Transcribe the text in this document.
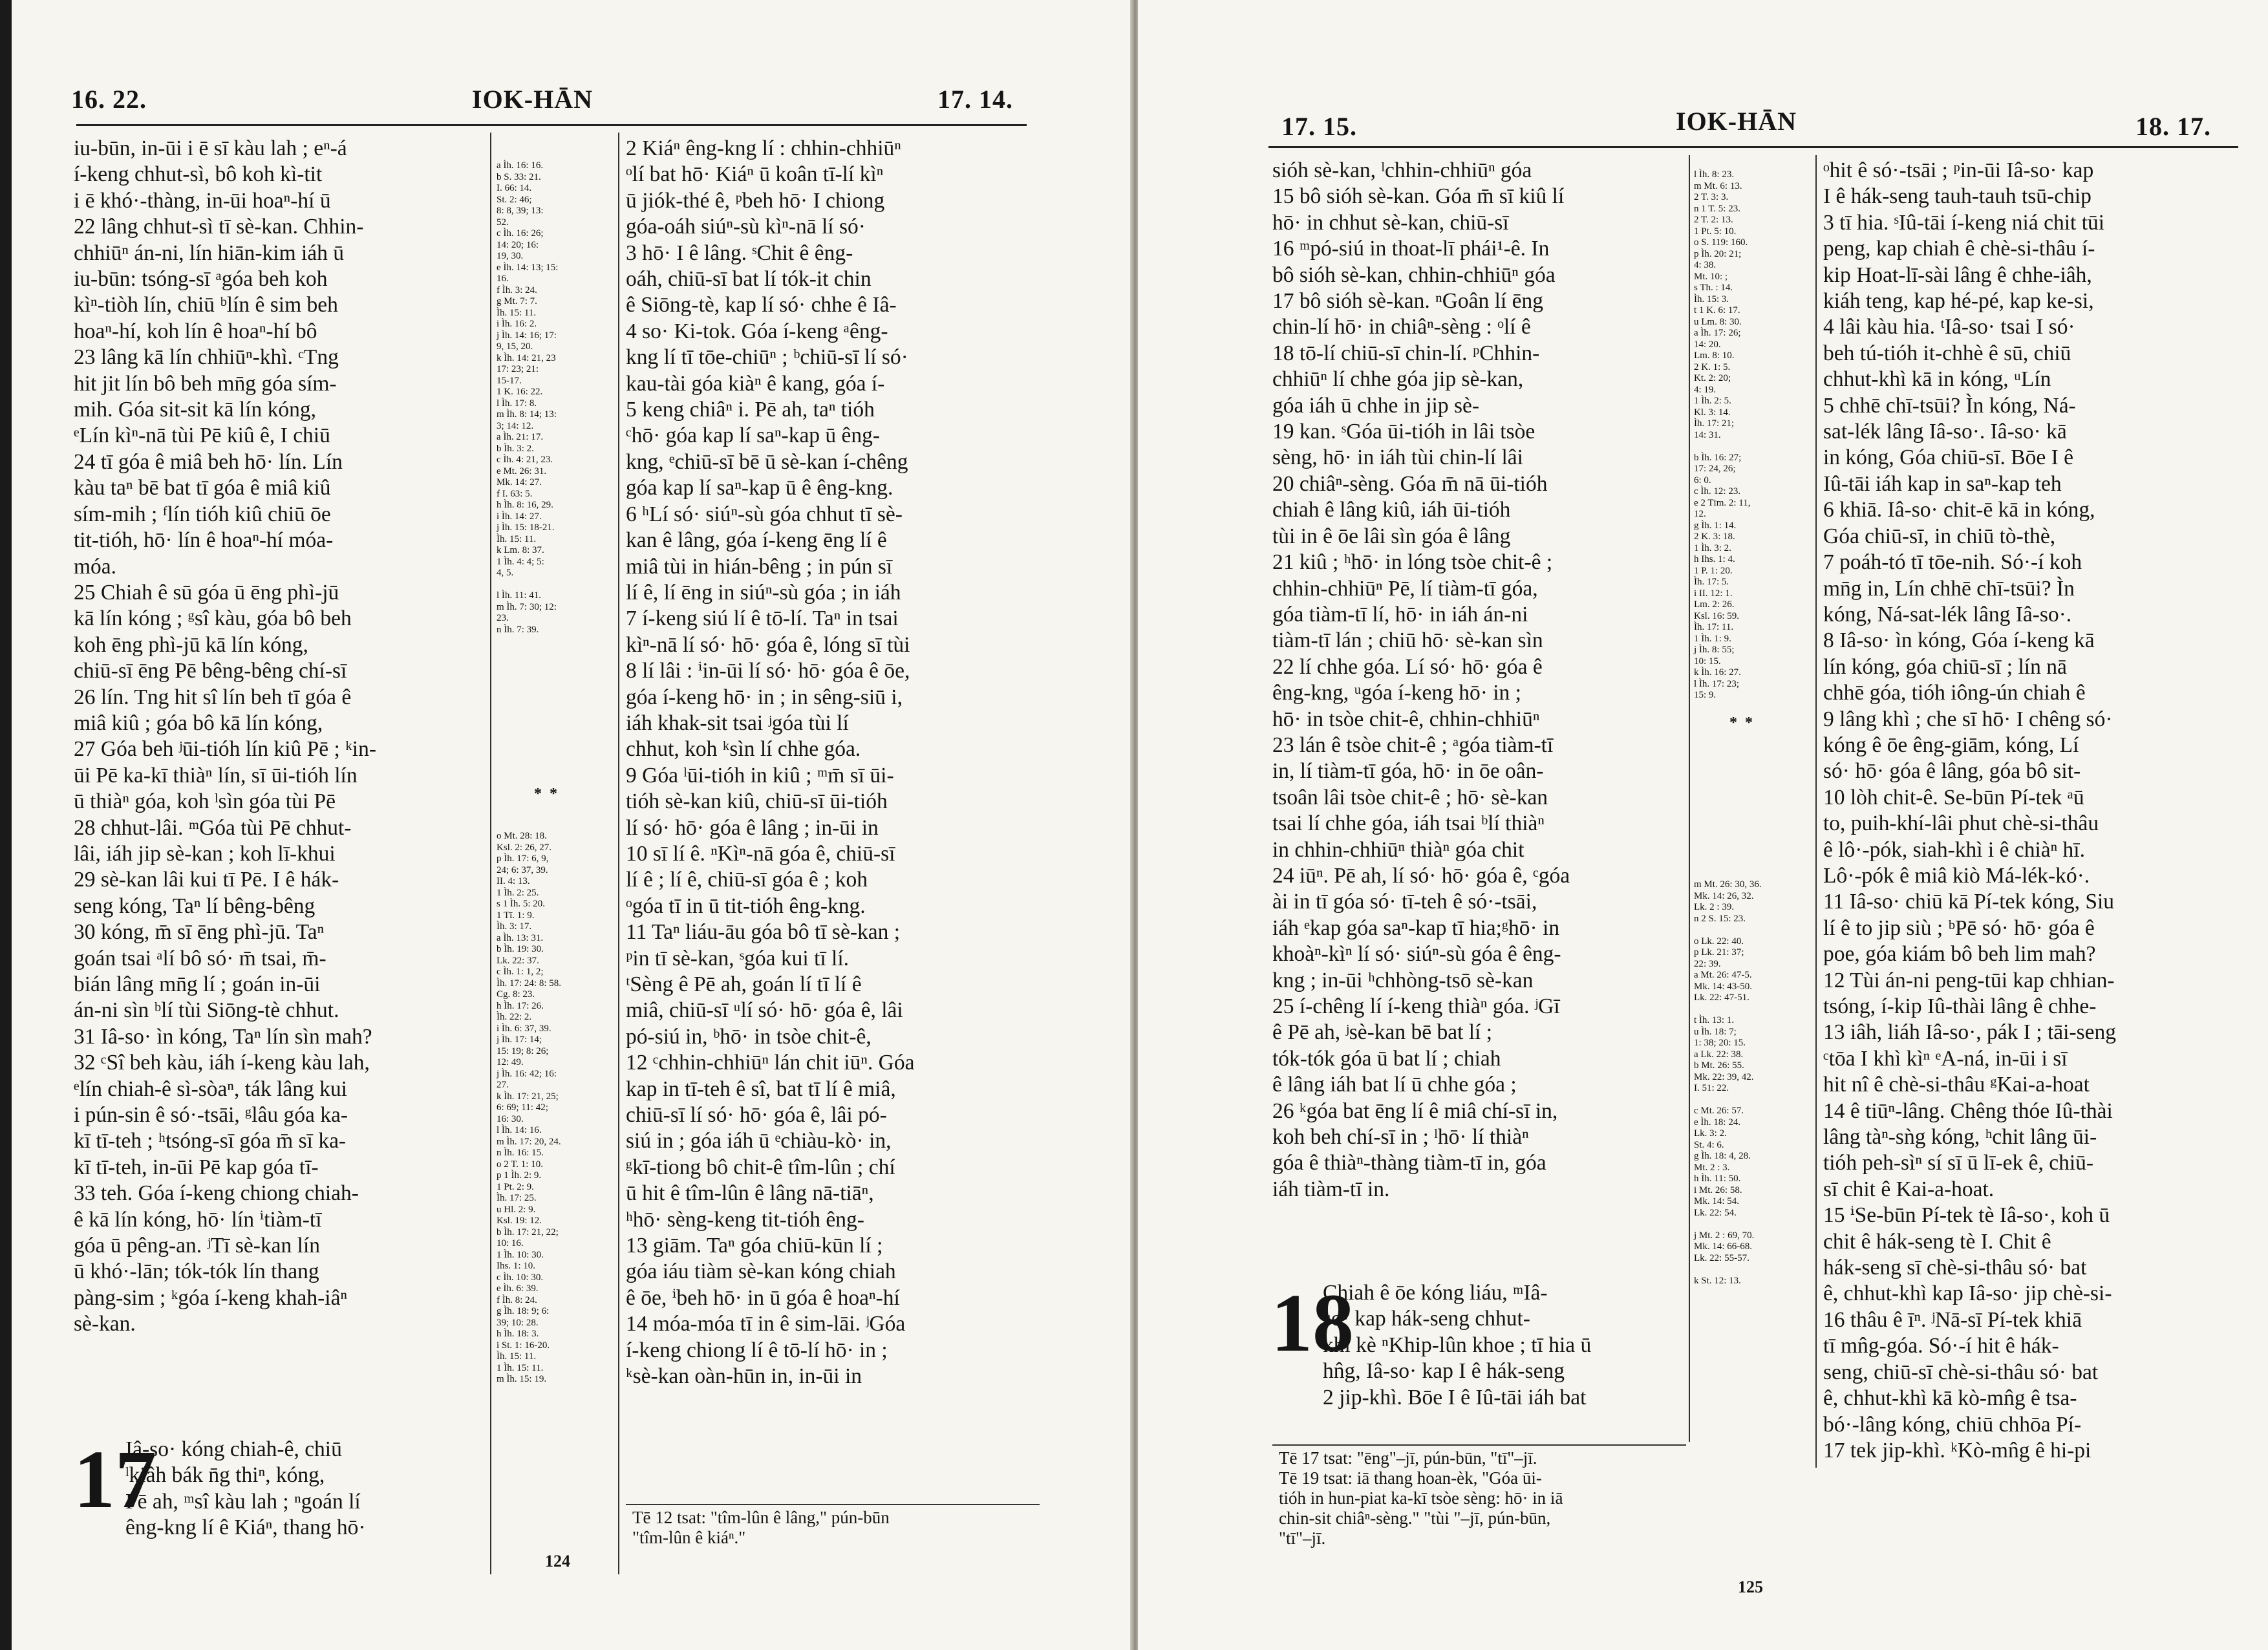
16. 22.	IOK-HĀN	17. 14.

iu-būn, in-ūi i ē sī kàu lah ; eⁿ-á

í-keng chhut-sì, bô koh kì-tit

i ē khó·-thàng, in-ūi hoaⁿ-hí ū

22 lâng chhut-sì tī sè-kan. Chhin-

chhiūⁿ án-ni, lín hiān-kim iáh ū

iu-būn: tsóng-sī ᵃgóa beh koh

kìⁿ-tiòh lín, chiū ᵇlín ê sim beh

hoaⁿ-hí, koh lín ê hoaⁿ-hí bô

23 lâng kā lín chhiūⁿ-khì. ᶜTng

hit jit lín bô beh mn̄g góa sím-

mih. Góa sit-sit kā lín kóng,

ᵉLín kìⁿ-nā tùi Pē kiû ê, I chiū

24 tī góa ê miâ beh hō· lín. Lín

kàu taⁿ bē bat tī góa ê miâ kiû

sím-mih ; ᶠlín tióh kiû chiū ōe

tit-tióh, hō· lín ê hoaⁿ-hí móa-

móa.

25 Chiah ê sū góa ū ēng phì-jū

kā lín kóng ; ᵍsî kàu, góa bô beh

koh ēng phì-jū kā lín kóng,

chiū-sī ēng Pē bêng-bêng chí-sī

26 lín. Tng hit sî lín beh tī góa ê

miâ kiû ; góa bô kā lín kóng,

27 Góa beh ʲūi-tióh lín kiû Pē ; ᵏin-

ūi Pē ka-kī thiàⁿ lín, sī ūi-tióh lín

ū thiàⁿ góa, koh ˡsìn góa tùi Pē

28 chhut-lâi. ᵐGóa tùi Pē chhut-

lâi, iáh jip sè-kan ; koh lī-khui

29 sè-kan lâi kui tī Pē. I ê hák-

seng kóng, Taⁿ lí bêng-bêng

30 kóng, m̄ sī ēng phì-jū. Taⁿ

goán tsai ᵃlí bô só· m̄ tsai, m̄-

bián lâng mn̄g lí ; goán in-ūi

án-ni sìn ᵇlí tùi Siōng-tè chhut.

31 Iâ-so· ìn kóng, Taⁿ lín sìn mah?

32 ᶜSî beh kàu, iáh í-keng kàu lah,

ᵉlín chiah-ê sì-sòaⁿ, ták lâng kui

i pún-sin ê só·-tsāi, ᵍlâu góa ka-

kī tī-teh ; ʰtsóng-sī góa m̄ sī ka-

kī tī-teh, in-ūi Pē kap góa tī-

33 teh. Góa í-keng chiong chiah-

ê kā lín kóng, hō· lín ⁱtiàm-tī

góa ū pêng-an. ʲTī sè-kan lín

ū khó·-lān; tók-tók lín thang

pàng-sim ; ᵏgóa í-keng khah-iâⁿ

sè-kan.

a Ìh. 16: 16.

b S. 33: 21.

I. 66: 14.

St. 2: 46;

8: 8, 39; 13:

52.

c Ìh. 16: 26;

14: 20; 16:

19, 30.

e Ìh. 14: 13; 15:

16.

f Ìh. 3: 24.

g Mt. 7: 7.

Ìh. 15: 11.

i Ìh. 16: 2.

j Ìh. 14: 16; 17:

9, 15, 20.

k Ìh. 14: 21, 23

17: 23; 21:

15-17.

1 K. 16: 22.

l Ìh. 17: 8.

m Ìh. 8: 14; 13:

3; 14: 12.

a Ìh. 21: 17.

b Ìh. 3: 2.

c Ìh. 4: 21, 23.

e Mt. 26: 31.

Mk. 14: 27.

f I. 63: 5.

h Ìh. 8: 16, 29.

i Ìh. 14: 27.

j Ìh. 15: 18-21.

Ìh. 15: 11.

k Lm. 8: 37.

1 Ìh. 4: 4; 5:

4, 5.

l Ìh. 11: 41.

m Ìh. 7: 30; 12:

23.

n Ìh. 7: 39.

*  *

o Mt. 28: 18.

Ksl. 2: 26, 27.

p Ìh. 17: 6, 9,

24; 6: 37, 39.

II. 4: 13.

1 Ìh. 2: 25.

s 1 Ìh. 5: 20.

1 Tī. 1: 9.

Ìh. 3: 17.

a Ìh. 13: 31.

b Ìh. 19: 30.

Lk. 22: 37.

c Ìh. 1: 1, 2;

Ìh. 17: 24: 8: 58.

Cg. 8: 23.

h Ìh. 17: 26.

Ìh. 22: 2.

i Ìh. 6: 37, 39.

j Ìh. 17: 14;

15: 19; 8: 26;

12: 49.

j Ìh. 16: 42; 16:

27.

k Ìh. 17: 21, 25;

6: 69; 11: 42;

16: 30.

l Ìh. 14: 16.

m Ìh. 17: 20, 24.

n Ìh. 16: 15.

o 2 T. 1: 10.

p 1 Ìh. 2: 9.

1 Pt. 2: 9.

Ìh. 17: 25.

u Hl. 2: 9.

Ksl. 19: 12.

b Ìh. 17: 21, 22;

10: 16.

1 Ìh. 10: 30.

Ihs. 1: 10.

c Ìh. 10: 30.

e Ìh. 6: 39.

f Ìh. 8: 24.

g Ìh. 18: 9; 6:

39; 10: 28.

h Ìh. 18: 3.

i St. 1: 16-20.

Ìh. 15: 11.

1 Ìh. 15: 11.

m Ìh. 15: 19.

2 Kiáⁿ êng-kng lí : chhin-chhiūⁿ

ᵒlí bat hō· Kiáⁿ ū koân tī-lí kìⁿ

ū jiók-thé ê, ᵖbeh hō· I chiong

góa-oáh siúⁿ-sù kìⁿ-nā lí só·

3 hō· I ê lâng. ˢChit ê êng-

oáh, chiū-sī bat lí tók-it chin

ê Siōng-tè, kap lí só· chhe ê Iâ-

4 so· Ki-tok. Góa í-keng ᵃêng-

kng lí tī tōe-chiūⁿ ; ᵇchiū-sī lí só·

kau-tài góa kiàⁿ ê kang, góa í-

5 keng chiâⁿ i. Pē ah, taⁿ tióh

ᶜhō· góa kap lí saⁿ-kap ū êng-

kng, ᵉchiū-sī bē ū sè-kan í-chêng

góa kap lí saⁿ-kap ū ê êng-kng.

6 ʰLí só· siúⁿ-sù góa chhut tī sè-

kan ê lâng, góa í-keng ēng lí ê

miâ tùi in hián-bêng ; in pún sī

lí ê, lí ēng in siúⁿ-sù góa ; in iáh

7 í-keng siú lí ê tō-lí. Taⁿ in tsai

kìⁿ-nā lí só· hō· góa ê, lóng sī tùi

8 lí lâi : ⁱin-ūi lí só· hō· góa ê ōe,

góa í-keng hō· in ; in sêng-siū i,

iáh khak-sit tsai ʲgóa tùi lí

chhut, koh ᵏsìn lí chhe góa.

9 Góa ˡūi-tióh in kiû ; ᵐm̄ sī ūi-

tióh sè-kan kiû, chiū-sī ūi-tióh

lí só· hō· góa ê lâng ; in-ūi in

10 sī lí ê. ⁿKìⁿ-nā góa ê, chiū-sī

lí ê ; lí ê, chiū-sī góa ê ; koh

ᵒgóa tī in ū tit-tióh êng-kng.

11 Taⁿ liáu-āu góa bô tī sè-kan ;

ᵖin tī sè-kan, ˢgóa kui tī lí.

ᵗSèng ê Pē ah, goán lí tī lí ê

miâ, chiū-sī ᵘlí só· hō· góa ê, lâi

pó-siú in, ᵇhō· in tsòe chit-ê,

12 ᶜchhin-chhiūⁿ lán chit iūⁿ. Góa

kap in tī-teh ê sî, bat tī lí ê miâ,

chiū-sī lí só· hō· góa ê, lâi pó-

siú in ; góa iáh ū ᵉchiàu-kò· in,

ᵍkī-tiong bô chit-ê tîm-lûn ; chí

ū hit ê tîm-lûn ê lâng nā-tiāⁿ,

ʰhō· sèng-keng tit-tióh êng-

13 giām. Taⁿ góa chiū-kūn lí ;

góa iáu tiàm sè-kan kóng chiah

ê ōe, ⁱbeh hō· in ū góa ê hoaⁿ-hí

14 móa-móa tī in ê sim-lāi. ʲGóa

í-keng chiong lí ê tō-lí hō· in ;

ᵏsè-kan oàn-hūn in, in-ūi in

17

Iâ-so· kóng chiah-ê, chiū

ˡkiâh bák n̄g thiⁿ, kóng,

Pē ah, ᵐsî kàu lah ; ⁿgoán lí

êng-kng lí ê Kiáⁿ, thang hō·	Tē 12 tsat: "tîm-lûn ê lâng," pún-būn

"tîm-lûn ê kiáⁿ."

124
17. 15.	IOK-HĀN	18. 17.

sióh sè-kan, ˡchhin-chhiūⁿ góa

15 bô sióh sè-kan. Góa m̄ sī kiû lí

hō· in chhut sè-kan, chiū-sī

16 ᵐpó-siú in thoat-lī phái¹-ê. In

bô sióh sè-kan, chhin-chhiūⁿ góa

17 bô sióh sè-kan. ⁿGoân lí ēng

chin-lí hō· in chiâⁿ-sèng : ᵒlí ê

18 tō-lí chiū-sī chin-lí. ᵖChhin-

chhiūⁿ lí chhe góa jip sè-kan,

góa iáh ū chhe in jip sè-

19 kan. ˢGóa ūi-tióh in lâi tsòe

sèng, hō· in iáh tùi chin-lí lâi

20 chiâⁿ-sèng. Góa m̄ nā ūi-tióh

chiah ê lâng kiû, iáh ūi-tióh

tùi in ê ōe lâi sìn góa ê lâng

21 kiû ; ʰhō· in lóng tsòe chit-ê ;

chhin-chhiūⁿ Pē, lí tiàm-tī góa,

góa tiàm-tī lí, hō· in iáh án-ni

tiàm-tī lán ; chiū hō· sè-kan sìn

22 lí chhe góa. Lí só· hō· góa ê

êng-kng, ᵘgóa í-keng hō· in ;

hō· in tsòe chit-ê, chhin-chhiūⁿ

23 lán ê tsòe chit-ê ; ᵃgóa tiàm-tī

in, lí tiàm-tī góa, hō· in ōe oân-

tsoân lâi tsòe chit-ê ; hō· sè-kan

tsai lí chhe góa, iáh tsai ᵇlí thiàⁿ

in chhin-chhiūⁿ thiàⁿ góa chit

24 iūⁿ. Pē ah, lí só· hō· góa ê, ᶜgóa

ài in tī góa só· tī-teh ê só·-tsāi,

iáh ᵉkap góa saⁿ-kap tī hia;ᵍhō· in

khoàⁿ-kìⁿ lí só· siúⁿ-sù góa ê êng-

kng ; in-ūi ʰchhòng-tsō sè-kan

25 í-chêng lí í-keng thiàⁿ góa. ʲGī

ê Pē ah, ʲsè-kan bē bat lí ;

tók-tók góa ū bat lí ; chiah

ê lâng iáh bat lí ū chhe góa ;

26 ᵏgóa bat ēng lí ê miâ chí-sī in,

koh beh chí-sī in ; ˡhō· lí thiàⁿ

góa ê thiàⁿ-thàng tiàm-tī in, góa

iáh tiàm-tī in.

l Ìh. 8: 23.

m Mt. 6: 13.

2 T. 3: 3.

n 1 T. 5: 23.

2 T. 2: 13.

1 Pt. 5: 10.

o S. 119: 160.

p Ìh. 20: 21;

4: 38.

Mt. 10: ;

s Th. : 14.

Ìh. 15: 3.

t 1 K. 6: 17.

u Lm. 8: 30.

a Ìh. 17: 26;

14: 20.

Lm. 8: 10.

2 K. 1: 5.

Kt. 2: 20;

4: 19.

1 Ìh. 2: 5.

Kl. 3: 14.

Ìh. 17: 21;

14: 31.

b Ìh. 16: 27;

17: 24, 26;

6: 0.

c Ìh. 12: 23.

e 2 Tīm. 2: 11,

12.

g Ìh. 1: 14.

2 K. 3: 18.

1 Ìh. 3: 2.

h Ihs. 1: 4.

1 P. 1: 20.

Ìh. 17: 5.

i II. 12: 1.

Lm. 2: 26.

Ksl. 16: 59.

Ìh. 17: 11.

1 Ìh. 1: 9.

j Ìh. 8: 55;

10: 15.

k Ìh. 16: 27.

l Ìh. 17: 23;

15: 9.

*  *

m Mt. 26: 30, 36.

Mk. 14: 26, 32.

Lk. 2 : 39.

n 2 S. 15: 23.

o Lk. 22: 40.

p Lk. 21: 37;

22: 39.

a Mt. 26: 47-5.

Mk. 14: 43-50.

Lk. 22: 47-51.

t Ìh. 13: 1.

u Ìh. 18: 7;

1: 38; 20: 15.

a Lk. 22: 38.

b Mt. 26: 55.

Mk. 22: 39, 42.

I. 51: 22.

c Mt. 26: 57.

e Ìh. 18: 24.

Lk. 3: 2.

St. 4: 6.

g Ìh. 18: 4, 28.

Mt. 2 : 3.

h Ìh. 11: 50.

i Mt. 26: 58.

Mk. 14: 54.

Lk. 22: 54.

j Mt. 2 : 69, 70.

Mk. 14: 66-68.

Lk. 22: 55-57.

k St. 12: 13.

ᵒhit ê só·-tsāi ; ᵖin-ūi Iâ-so· kap

I ê hák-seng tauh-tauh tsū-chip

3 tī hia. ˢIû-tāi í-keng niá chit tūi

peng, kap chiah ê chè-si-thâu í-

kip Hoat-lī-sài lâng ê chhe-iâh,

kiáh teng, kap hé-pé, kap ke-si,

4 lâi kàu hia. ᵗIâ-so· tsai I só·

beh tú-tióh it-chhè ê sū, chiū

chhut-khì kā in kóng, ᵘLín

5 chhē chī-tsūi? Ìn kóng, Ná-

sat-lék lâng Iâ-so·. Iâ-so· kā

in kóng, Góa chiū-sī. Bōe I ê

Iû-tāi iáh kap in saⁿ-kap teh

6 khiā. Iâ-so· chit-ē kā in kóng,

Góa chiū-sī, in chiū tò-thè,

7 poáh-tó tī tōe-nih. Só·-í koh

mn̄g in, Lín chhē chī-tsūi? Ìn

kóng, Ná-sat-lék lâng Iâ-so·.

8 Iâ-so· ìn kóng, Góa í-keng kā

lín kóng, góa chiū-sī ; lín nā

chhē góa, tióh iông-ún chiah ê

9 lâng khì ; che sī hō· I chêng só·

kóng ê ōe êng-giām, kóng, Lí

só· hō· góa ê lâng, góa bô sit-

10 lòh chit-ê. Se-būn Pí-tek ᵃū

to, puih-khí-lâi phut chè-si-thâu

ê lô·-pók, siah-khì i ê chiàⁿ hī.

Lô·-pók ê miâ kiò Má-lék-kó·.

11 Iâ-so· chiū kā Pí-tek kóng, Siu

lí ê to jip siù ; ᵇPē só· hō· góa ê

poe, góa kiám bô beh lim mah?

12 Tùi án-ni peng-tūi kap chhian-

tsóng, í-kip Iû-thài lâng ê chhe-

13 iâh, liáh Iâ-so·, pák I ; tāi-seng

ᶜtōa I khì kìⁿ ᵉA-ná, in-ūi i sī

hit nî ê chè-si-thâu ᵍKai-a-hoat

14 ê tiūⁿ-lâng. Chêng thóe Iû-thài

lâng tàⁿ-sǹg kóng, ʰchit lâng ūi-

tióh peh-sìⁿ sí sī ū lī-ek ê, chiū-

sī chit ê Kai-a-hoat.

15 ⁱSe-būn Pí-tek tè Iâ-so·, koh ū

chit ê hák-seng tè I. Chit ê

hák-seng sī chè-si-thâu só· bat

ê, chhut-khì kap Iâ-so· jip chè-si-

16 thâu ê īⁿ. ʲNā-sī Pí-tek khiā

tī mn̂g-góa. Só·-í hit ê hák-

seng, chiū-sī chè-si-thâu só· bat

ê, chhut-khì kā kò-mn̂g ê tsa-

bó·-lâng kóng, chiū chhōa Pí-

17 tek jip-khì. ᵏKò-mn̂g ê hi-pi

18

Chiah ê ōe kóng liáu, ᵐIâ-

so· kap hák-seng chhut-

khì kè ⁿKhip-lûn khoe ; tī hia ū

hn̂g, Iâ-so· kap I ê hák-seng

2 jip-khì. Bōe I ê Iû-tāi iáh bat

Tē 17 tsat: "ēng"–jī, pún-būn, "tī"–jī.

Tē 19 tsat: iā thang hoan-èk, "Góa ūi-

tióh in hun-piat ka-kī tsòe sèng: hō· in iā

chin-sit chiâⁿ-sèng." "tùi "–jī, pún-būn,

"tī"–jī.

125
